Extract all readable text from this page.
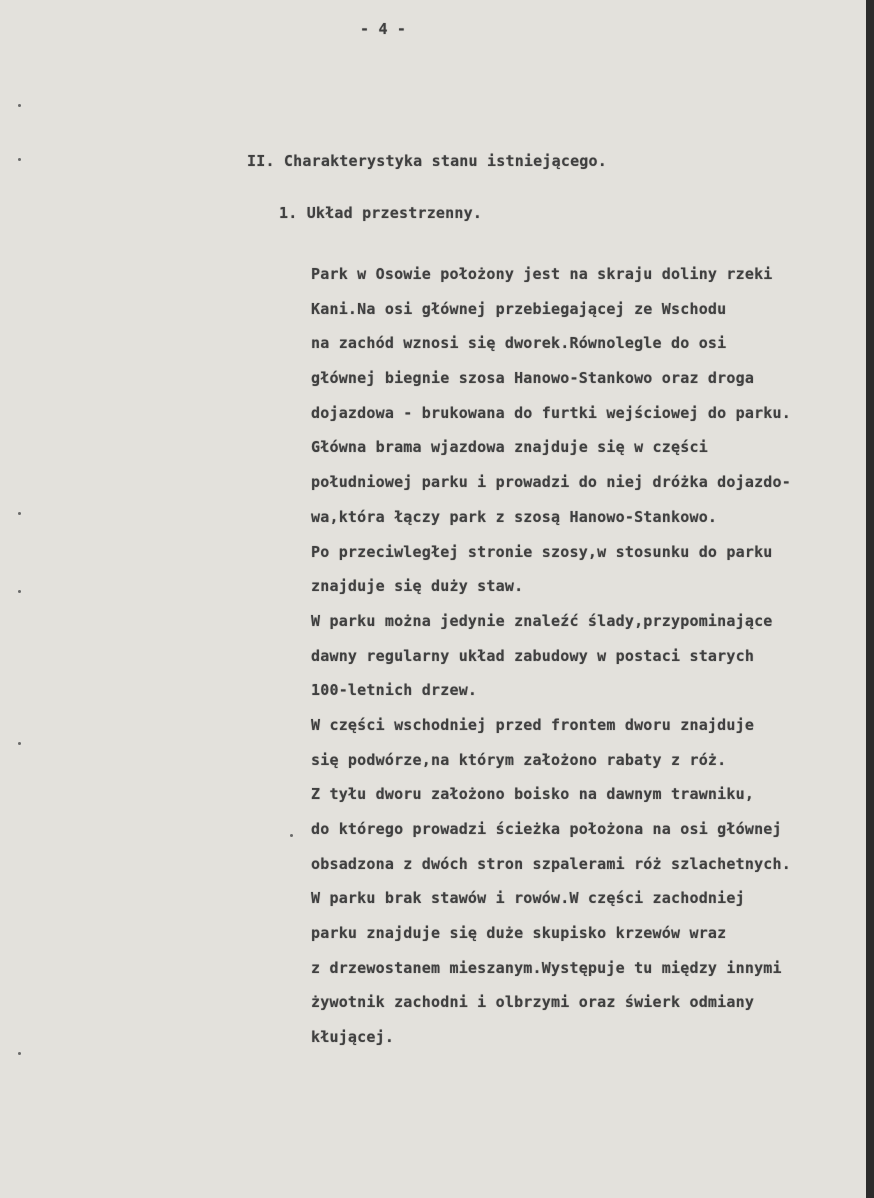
- 4 -
II. Charakterystyka stanu istniejącego.
1. Układ przestrzenny.
Park w Osowie położony jest na skraju doliny rzeki
Kani.Na osi głównej przebiegającej ze Wschodu
na zachód wznosi się dworek.Równolegle do osi
głównej biegnie szosa Hanowo-Stankowo oraz droga
dojazdowa - brukowana do furtki wejściowej do parku.
Główna brama wjazdowa znajduje się w części
południowej parku i prowadzi do niej dróżka dojazdo-
wa,która łączy park z szosą Hanowo-Stankowo.
Po przeciwległej stronie szosy,w stosunku do parku
znajduje się duży staw.
W parku można jedynie znaleźć ślady,przypominające
dawny regularny układ zabudowy w postaci starych
100-letnich drzew.
W części wschodniej przed frontem dworu znajduje
się podwórze,na którym założono rabaty z róż.
Z tyłu dworu założono boisko na dawnym trawniku,
do którego prowadzi ścieżka położona na osi głównej
obsadzona z dwóch stron szpalerami róż szlachetnych.
W parku brak stawów i rowów.W części zachodniej
parku znajduje się duże skupisko krzewów wraz
z drzewostanem mieszanym.Występuje tu między innymi
żywotnik zachodni i olbrzymi oraz świerk odmiany
kłującej.
